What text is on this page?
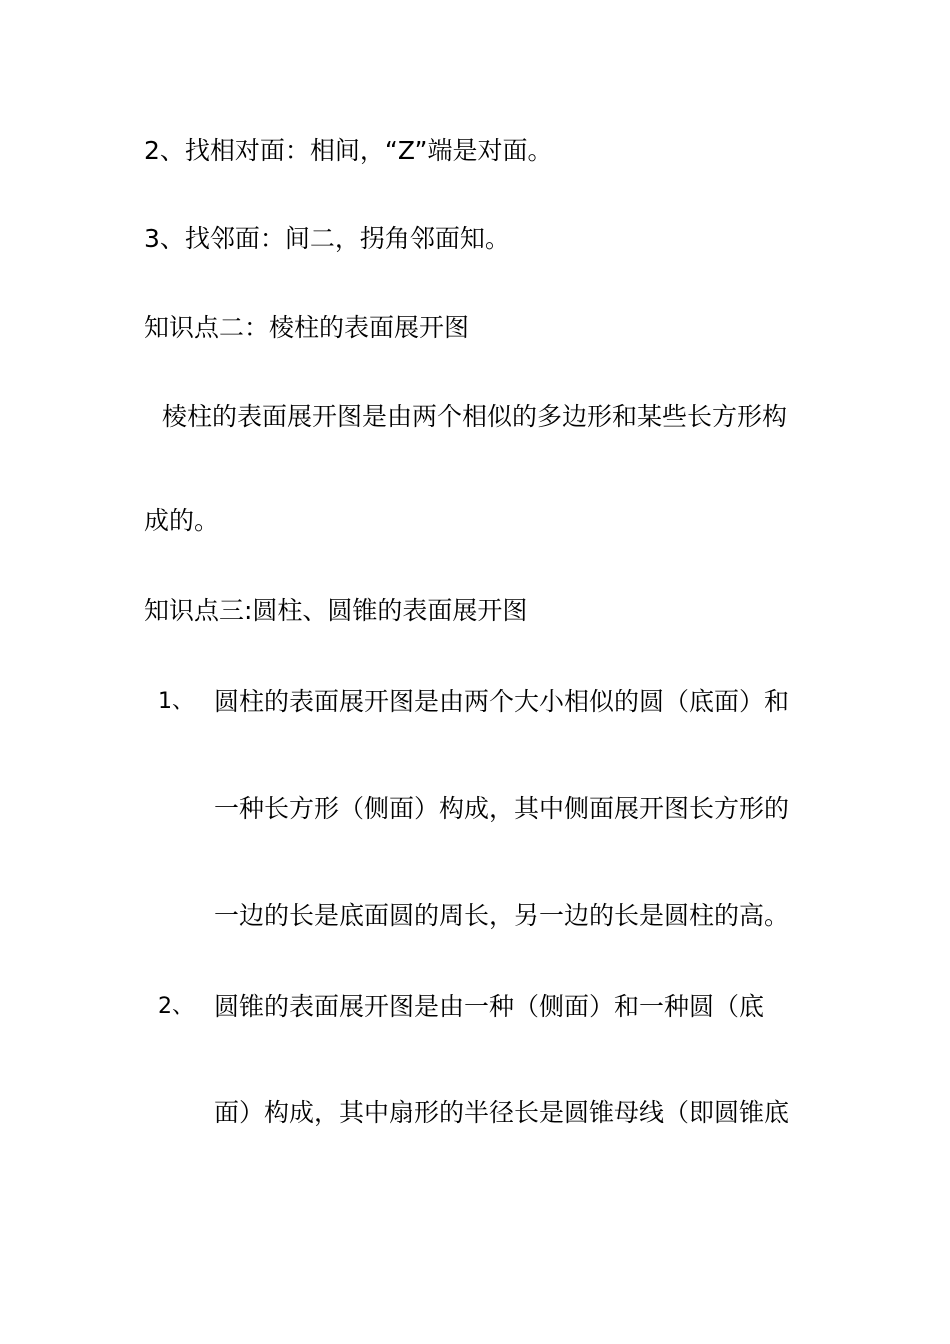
2、找相对面：相间，“Z”端是对面。
3、找邻面：间二，拐角邻面知。
知识点二：棱柱的表面展开图
棱柱的表面展开图是由两个相似的多边形和某些长方形构
成的。
知识点三:圆柱、圆锥的表面展开图
1、 圆柱的表面展开图是由两个大小相似的圆（底面）和
一种长方形（侧面）构成，其中侧面展开图长方形的
一边的长是底面圆的周长，另一边的长是圆柱的高。
2、 圆锥的表面展开图是由一种（侧面）和一种圆（底
面）构成，其中扇形的半径长是圆锥母线（即圆锥底
